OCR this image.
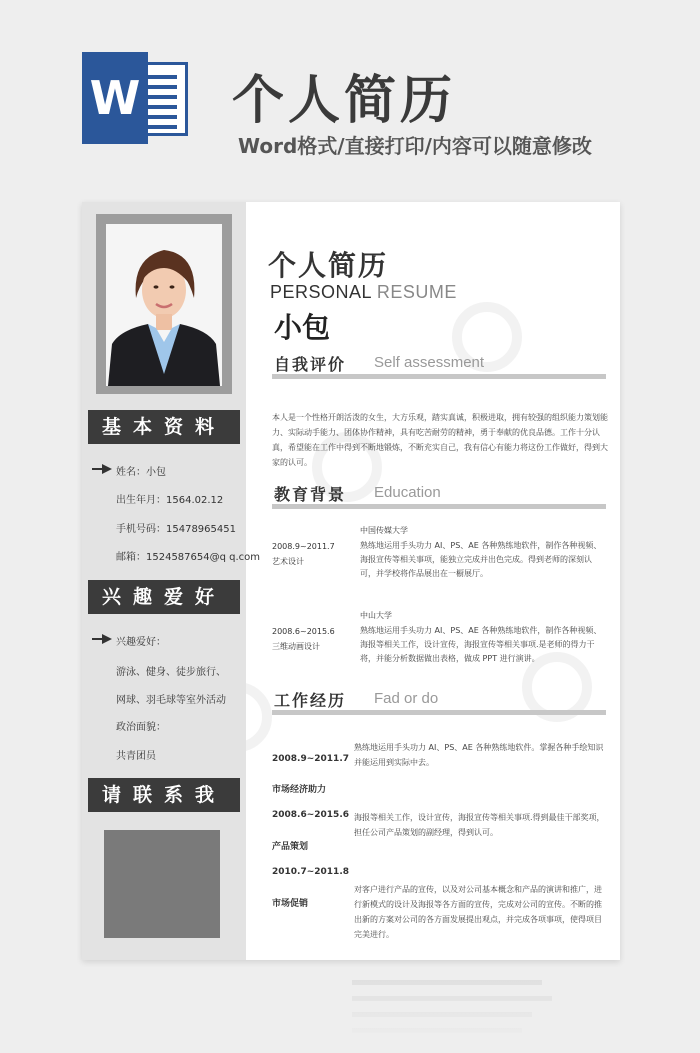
W 个人简历
Word格式/直接打印/内容可以随意修改
基本资料
姓名：小包
出生年月：1564.02.12
手机号码：15478965451
邮箱：1524587654@q q.com
兴趣爱好
兴趣爱好：
游泳、健身、徒步旅行、
网球、羽毛球等室外活动
政治面貌：
共青团员
请联系我
个人简历
PERSONAL RESUME
小包
自我评价 Self assessment
本人是一个性格开朗活泼的女生，大方乐观，踏实真诚，积极进取，拥有较强的组织能力策划能力、实际动手能力、团体协作精神，具有吃苦耐劳的精神，勇于奉献的优良品德。工作十分认真，希望能在工作中得到不断地锻炼，不断充实自己，我有信心有能力将这份工作做好，得到大家的认可。
教育背景 Education
2008.9~2011.7
艺术设计
中国传媒大学
熟练地运用手头功力 AI、PS、AE 各种熟练地软件，制作各种视频、海报宣传等相关事项，能独立完成并出色完成。得到老师的深刻认可，并学校将作品展出在一橱展厅。
2008.6~2015.6
三维动画设计
中山大学
熟练地运用手头功力 AI、PS、AE 各种熟练地软件，制作各种视频、海报等相关工作，设计宣传，海报宣传等相关事项.是老师的得力干将，并能分析数据做出表格，做成 PPT 进行演讲。
工作经历 Fad or do
2008.9~2011.7
市场经济助力
熟练地运用手头功力 AI、PS、AE 各种熟练地软件。掌握各种手绘知识并能运用到实际中去。
2008.6~2015.6
产品策划
海报等相关工作，设计宣传，海报宣传等相关事项.得到最佳干部奖项，担任公司产品策划的副经理，得到认可。
2010.7~2011.8
市场促销
对客户进行产品的宣传，以及对公司基本概念和产品的演讲和推广，进行新模式的设计及海报等各方面的宣传，完成对公司的宣传。不断的推出新的方案对公司的各方面发展提出观点，并完成各项事项，使得项目完美进行。
